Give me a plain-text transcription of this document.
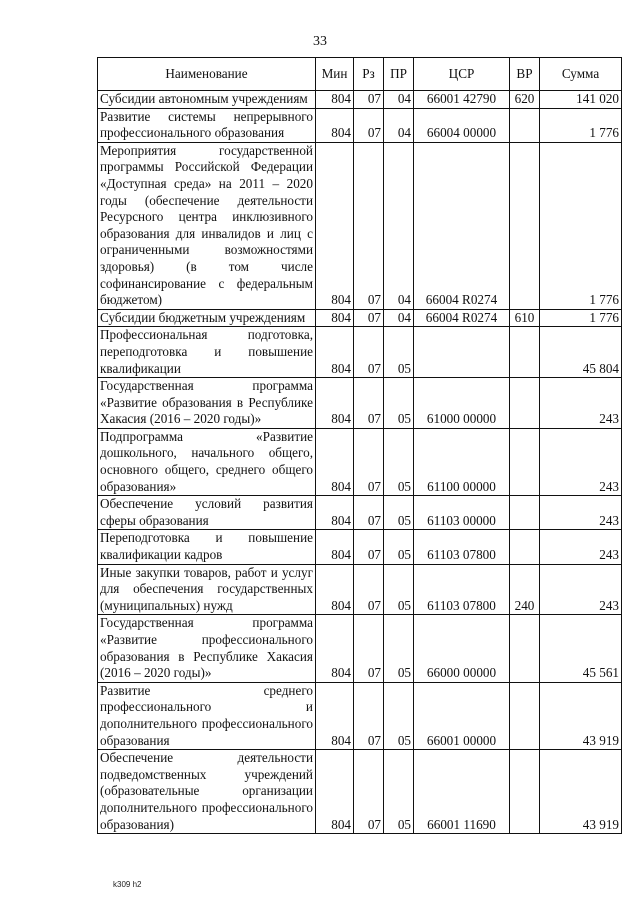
33
Наименование	Мин	Рз	ПР	ЦСР	ВР	Сумма
Субсидии автономным учреждениям	804	07	04	66001 42790	620	141 020
Развитие системы непрерывного профессионального образования	804	07	04	66004 00000		1 776
Мероприятия государственной программы Российской Федерации «Доступная среда» на 2011 – 2020 годы (обеспечение деятельности Ресурсного центра инклюзивного образования для инвалидов и лиц с ограниченными возможностями здоровья) (в том числе софинансирование с федеральным бюджетом)	804	07	04	66004 R0274		1 776
Субсидии бюджетным учреждениям	804	07	04	66004 R0274	610	1 776
Профессиональная подготовка, переподготовка и повышение квалификации	804	07	05			45 804
Государственная программа «Развитие образования в Республике Хакасия (2016 – 2020 годы)»	804	07	05	61000 00000		243
Подпрограмма «Развитие дошкольного, начального общего, основного общего, среднего общего образования»	804	07	05	61100 00000		243
Обеспечение условий развития сферы образования	804	07	05	61103 00000		243
Переподготовка и повышение квалификации кадров	804	07	05	61103 07800		243
Иные закупки товаров, работ и услуг для обеспечения государственных (муниципальных) нужд	804	07	05	61103 07800	240	243
Государственная программа «Развитие профессионального образования в Республике Хакасия (2016 – 2020 годы)»	804	07	05	66000 00000		45 561
Развитие среднего профессионального и дополнительного профессионального образования	804	07	05	66001 00000		43 919
Обеспечение деятельности подведомственных учреждений (образовательные организации дополнительного профессионального образования)	804	07	05	66001 11690		43 919
k309 h2
